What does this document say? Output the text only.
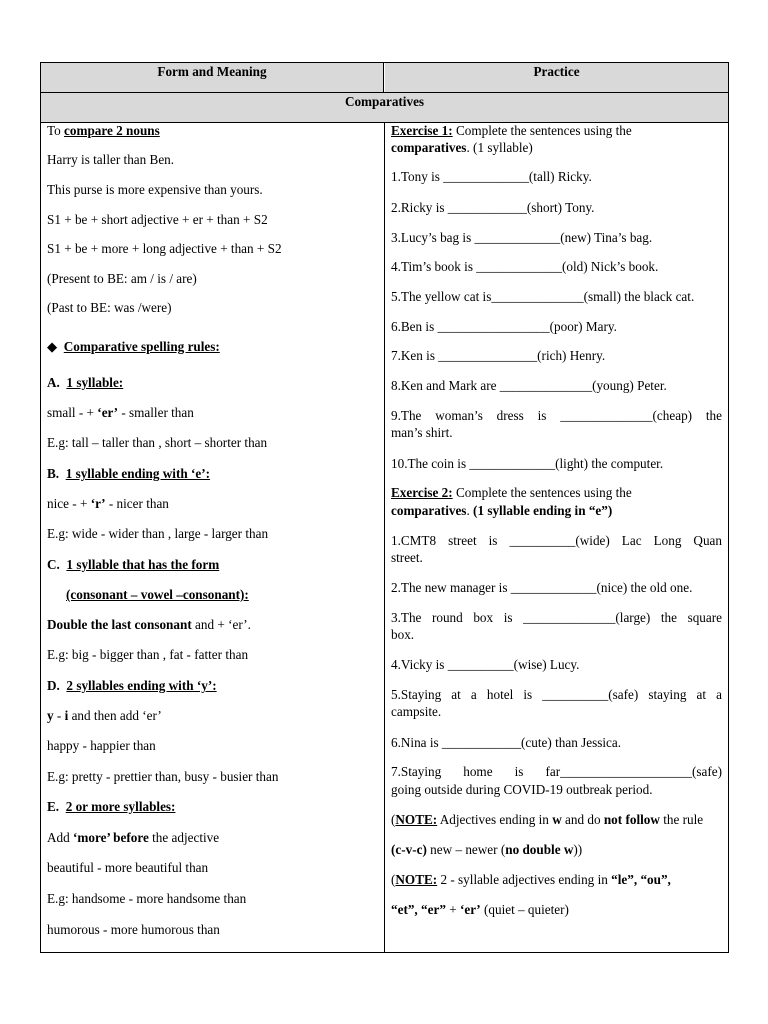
Form and Meaning	Practice
Comparatives
To compare 2 nouns
Harry is taller than Ben.
This purse is more expensive than yours.
S1 + be + short adjective + er + than + S2
S1 + be + more + long adjective + than + S2
(Present to BE: am / is / are)
(Past to BE: was /were)
◆ Comparative spelling rules:
A. 1 syllable:
small - + ‘er’ - smaller than
E.g: tall – taller than , short – shorter than
B. 1 syllable ending with ‘e’:
nice - + ‘r’ - nicer than
E.g: wide - wider than , large - larger than
C. 1 syllable that has the form
(consonant – vowel –consonant):
Double the last consonant and + ‘er’.
E.g: big - bigger than , fat - fatter than
D. 2 syllables ending with ‘y’:
y - i and then add ‘er’
happy - happier than
E.g: pretty - prettier than, busy - busier than
E. 2 or more syllables:
Add ‘more’ before the adjective
beautiful - more beautiful than
E.g: handsome - more handsome than
humorous - more humorous than
Exercise 1: Complete the sentences using the
comparatives. (1 syllable)
1.Tony is _____________(tall) Ricky.
2.Ricky is ____________(short) Tony.
3.Lucy’s bag is _____________(new) Tina’s bag.
4.Tim’s book is _____________(old) Nick’s book.
5.The yellow cat is______________(small) the black cat.
6.Ben is _________________(poor) Mary.
7.Ken is _______________(rich) Henry.
8.Ken and Mark are ______________(young) Peter.
9.The woman’s dress is ______________(cheap) the
man’s shirt.
10.The coin is _____________(light) the computer.
Exercise 2: Complete the sentences using the
comparatives. (1 syllable ending in “e”)
1.CMT8 street is __________(wide) Lac Long Quan
street.
2.The new manager is _____________(nice) the old one.
3.The round box is ______________(large) the square
box.
4.Vicky is __________(wise) Lucy.
5.Staying at a hotel is __________(safe) staying at a
campsite.
6.Nina is ____________(cute) than Jessica.
7.Staying home is far____________________(safe)
going outside during COVID-19 outbreak period.
(NOTE: Adjectives ending in w and do not follow the rule
(c-v-c) new – newer (no double w))
(NOTE: 2 - syllable adjectives ending in “le”, “ou”,
“et”, “er” + ‘er’ (quiet – quieter)
